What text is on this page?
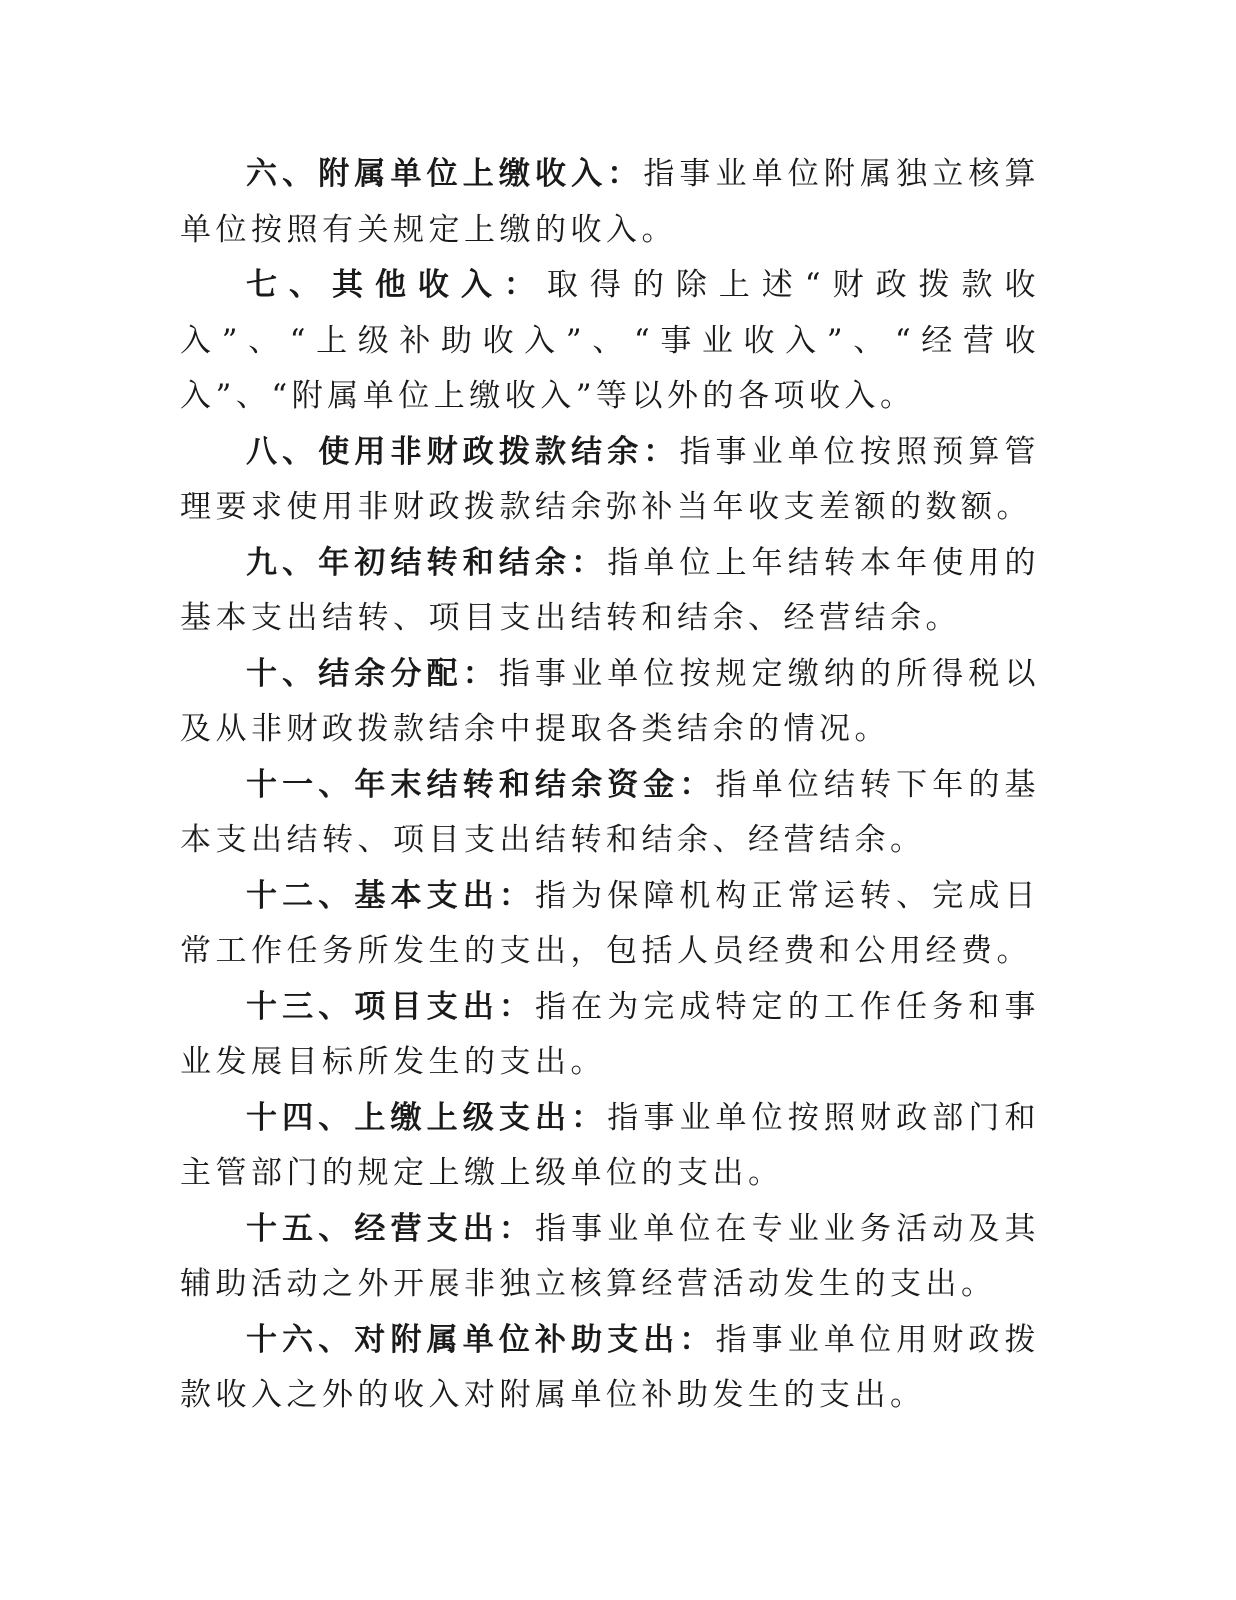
六、附属单位上缴收入：指事业单位附属独立核算单位按照有关规定上缴的收入。

七、其他收入：取得的除上述“财政拨款收入”、“上级补助收入”、“事业收入”、“经营收入”、“附属单位上缴收入”等以外的各项收入。

八、使用非财政拨款结余：指事业单位按照预算管理要求使用非财政拨款结余弥补当年收支差额的数额。

九、年初结转和结余：指单位上年结转本年使用的基本支出结转、项目支出结转和结余、经营结余。

十、结余分配：指事业单位按规定缴纳的所得税以及从非财政拨款结余中提取各类结余的情况。

十一、年末结转和结余资金：指单位结转下年的基本支出结转、项目支出结转和结余、经营结余。

十二、基本支出：指为保障机构正常运转、完成日常工作任务所发生的支出，包括人员经费和公用经费。

十三、项目支出：指在为完成特定的工作任务和事业发展目标所发生的支出。

十四、上缴上级支出：指事业单位按照财政部门和主管部门的规定上缴上级单位的支出。

十五、经营支出：指事业单位在专业业务活动及其辅助活动之外开展非独立核算经营活动发生的支出。

十六、对附属单位补助支出：指事业单位用财政拨款收入之外的收入对附属单位补助发生的支出。
